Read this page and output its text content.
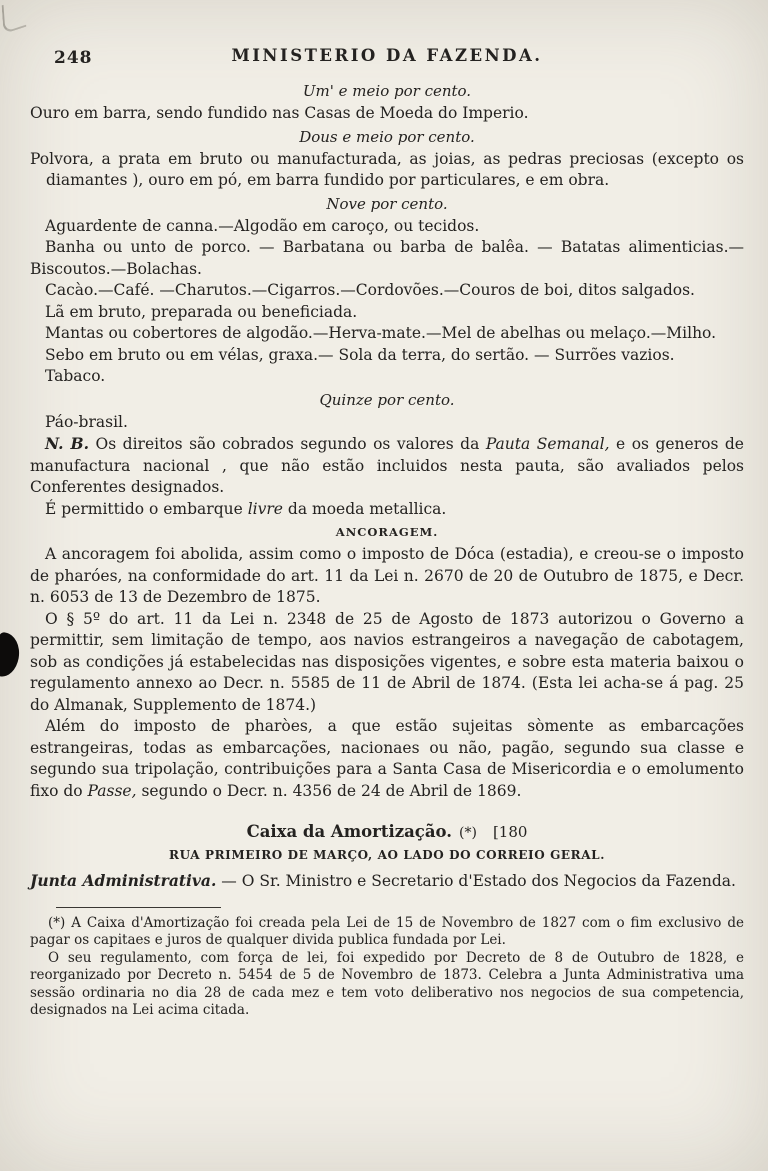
248	MINISTERIO DA FAZENDA.
Um' e meio por cento.

Ouro em barra, sendo fundido nas Casas de Moeda do Imperio.

Dous e meio por cento.

Polvora, a prata em bruto ou manufacturada, as joias, as pedras preciosas (excepto os diamantes ), ouro em pó, em barra fundido por particulares, e em obra.

Nove por cento.

Aguardente de canna.—Algodão em caroço, ou tecidos.

Banha ou unto de porco. — Barbatana ou barba de balêa. — Batatas alimenticias.—Biscoutos.—Bolachas.

Cacào.—Café. —Charutos.—Cigarros.—Cordovões.—Couros de boi, ditos salgados.

Lã em bruto, preparada ou beneficiada.

Mantas ou cobertores de algodão.—Herva-mate.—Mel de abelhas ou melaço.—Milho.

Sebo em bruto ou em vélas, graxa.— Sola da terra, do sertão. — Surrões vazios.

Tabaco.

Quinze por cento.

Páo-brasil.

N. B. Os direitos são cobrados segundo os valores da Pauta Semanal, e os generos de manufactura nacional , que não estão incluidos nesta pauta, são avaliados pelos Conferentes designados.

É permittido o embarque livre da moeda metallica.

ANCORAGEM.

A ancoragem foi abolida, assim como o imposto de Dóca (estadia), e creou-se o imposto de pharóes, na conformidade do art. 11 da Lei n. 2670 de 20 de Outubro de 1875, e Decr. n. 6053 de 13 de Dezembro de 1875.

O § 5º do art. 11 da Lei n. 2348 de 25 de Agosto de 1873 autorizou o Governo a permittir, sem limitação de tempo, aos navios estrangeiros a navegação de cabotagem, sob as condições já estabelecidas nas disposições vigentes, e sobre esta materia baixou o regulamento annexo ao Decr. n. 5585 de 11 de Abril de 1874. (Esta lei acha-se á pag. 25 do Almanak, Supplemento de 1874.)

Além do imposto de pharòes, a que estão sujeitas sòmente as embarcações estrangeiras, todas as embarcações, nacionaes ou não, pagão, segundo sua classe e segundo sua tripolação, contribuições para a Santa Casa de Misericordia e o emolumento fixo do Passe, segundo o Decr. n. 4356 de 24 de Abril de 1869.

Caixa da Amortização. (*) [180
RUA PRIMEIRO DE MARÇO, AO LADO DO CORREIO GERAL.

Junta Administrativa. — O Sr. Ministro e Secretario d'Estado dos Negocios da Fazenda.

(*) A Caixa d'Amortização foi creada pela Lei de 15 de Novembro de 1827 com o fim exclusivo de pagar os capitaes e juros de qualquer divida publica fundada por Lei.

O seu regulamento, com força de lei, foi expedido por Decreto de 8 de Outubro de 1828, e reorganizado por Decreto n. 5454 de 5 de Novembro de 1873. Celebra a Junta Administrativa uma sessão ordinaria no dia 28 de cada mez e tem voto deliberativo nos negocios de sua competencia, designados na Lei acima citada.
